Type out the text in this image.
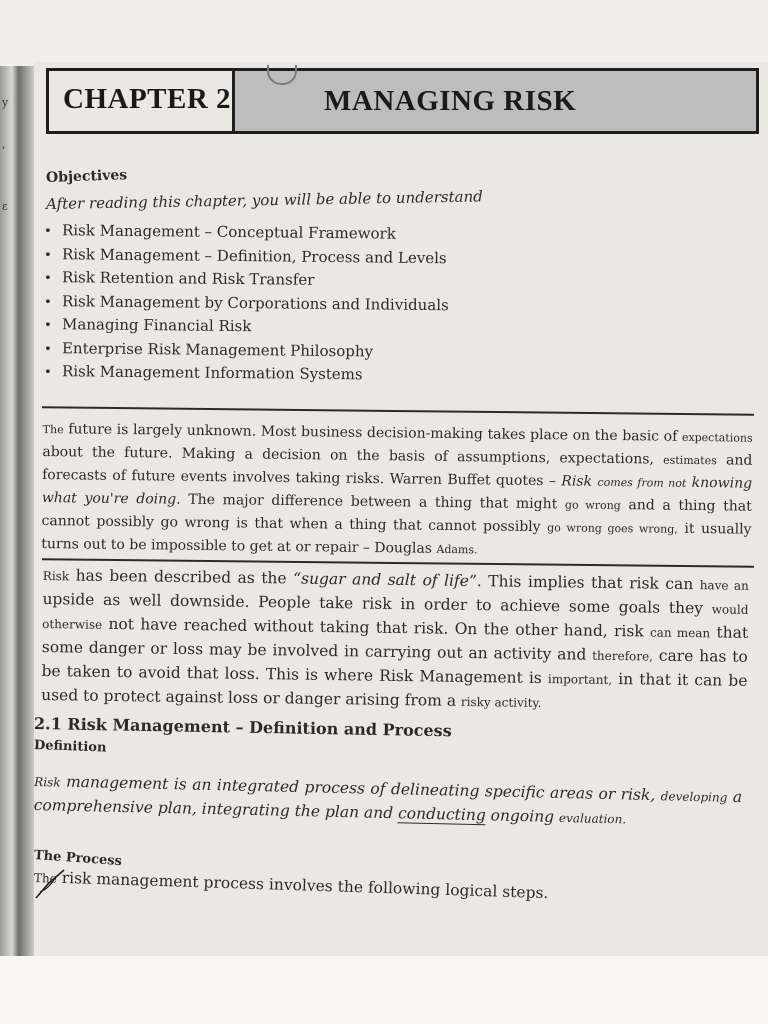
y
,
ε
CHAPTER 2	MANAGING RISK
Objectives
After reading this chapter, you will be able to understand
• Risk Management – Conceptual Framework
• Risk Management – Definition, Process and Levels
• Risk Retention and Risk Transfer
• Risk Management by Corporations and Individuals
• Managing Financial Risk
• Enterprise Risk Management Philosophy
• Risk Management Information Systems
The future is largely unknown. Most business decision-making takes place on the basic of expectations about the future. Making a decision on the basis of assumptions, expectations, estimates and forecasts of future events involves taking risks. Warren Buffet quotes – Risk comes from not knowing what you're doing. The major difference between a thing that might go wrong and a thing that cannot possibly go wrong is that when a thing that cannot possibly go wrong goes wrong, it usually turns out to be impossible to get at or repair – Douglas Adams.
Risk has been described as the “sugar and salt of life”. This implies that risk can have an upside as well downside. People take risk in order to achieve some goals they would otherwise not have reached without taking that risk. On the other hand, risk can mean that some danger or loss may be involved in carrying out an activity and therefore, care has to be taken to avoid that loss. This is where Risk Management is important, in that it can be used to protect against loss or danger arising from a risky activity.
2.1 Risk Management – Definition and Process
Definition
Risk management is an integrated process of delineating specific areas or risk, developing a comprehensive plan, integrating the plan and conducting ongoing evaluation.
The Process
The risk management process involves the following logical steps.
